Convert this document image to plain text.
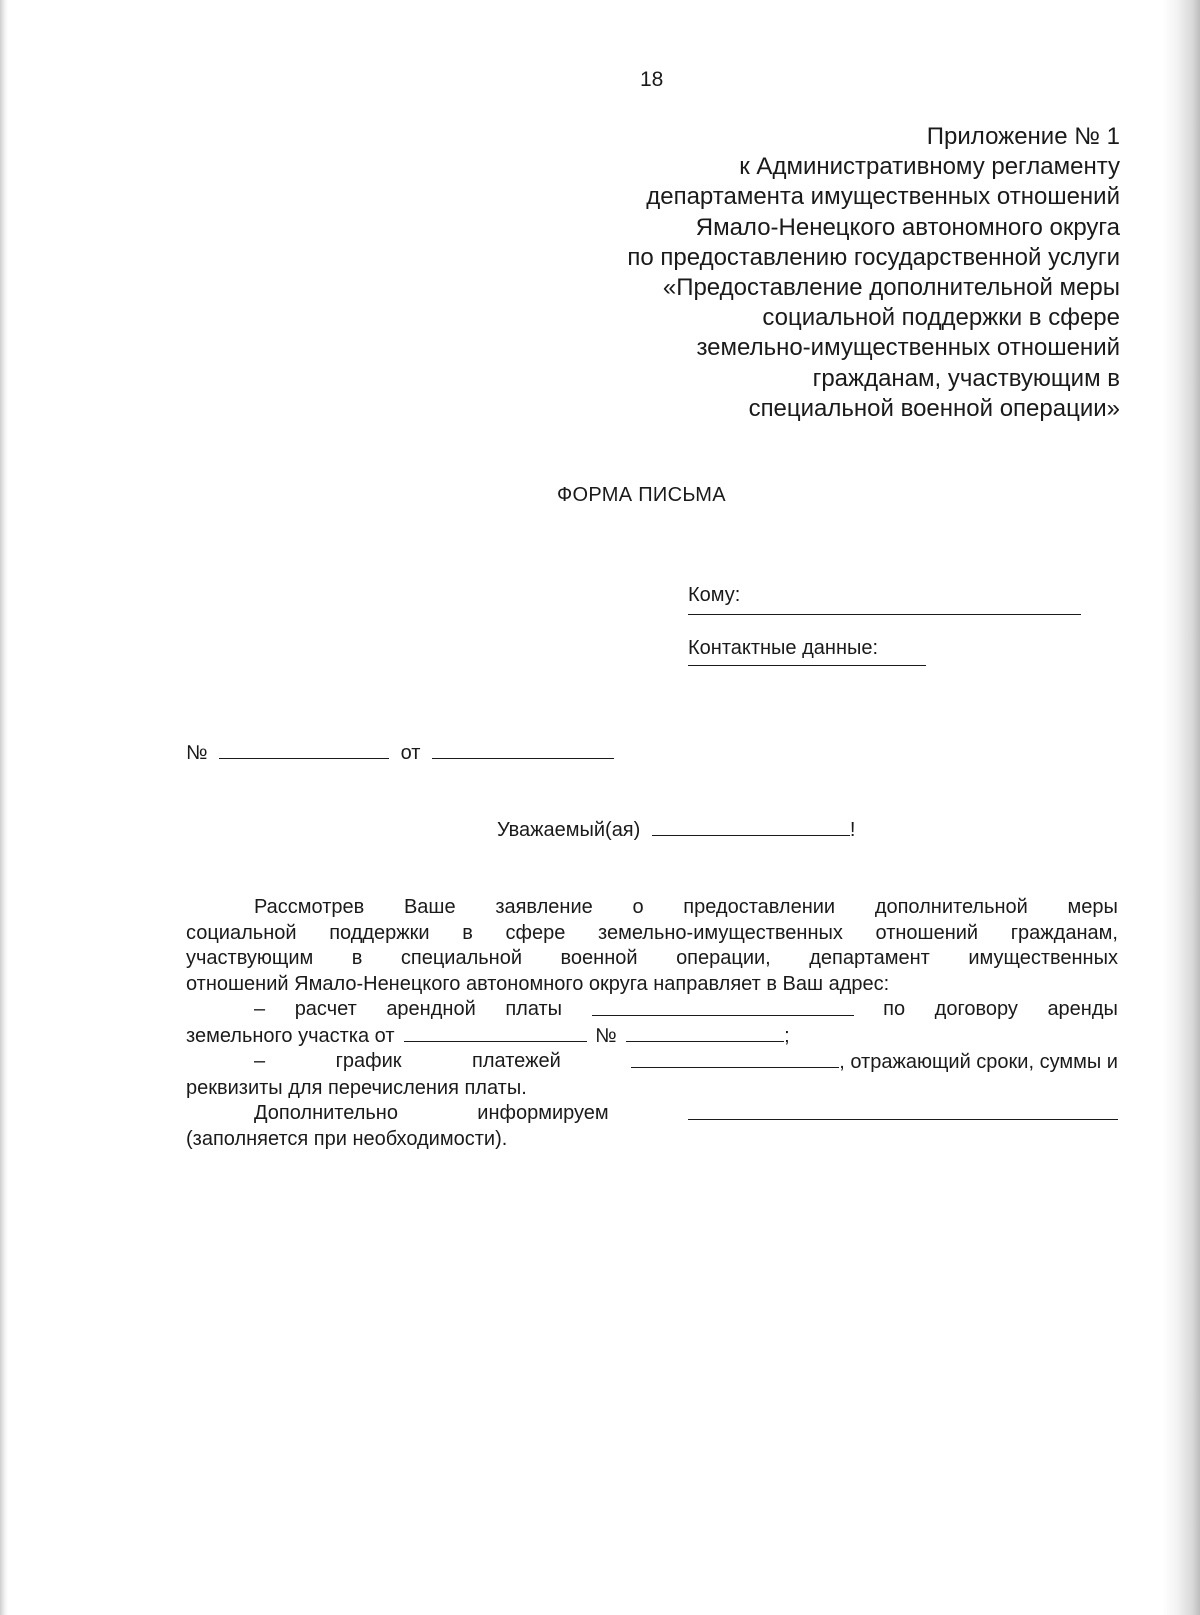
18
Приложение № 1
к Административному регламенту
департамента имущественных отношений
Ямало-Ненецкого автономного округа
по предоставлению государственной услуги
«Предоставление дополнительной меры
социальной поддержки в сфере
земельно-имущественных отношений
гражданам, участвующим в
специальной военной операции»
ФОРМА ПИСЬМА
Кому:
Контактные данные:
№	от
Уважаемый(ая)	!
Рассмотрев Ваше заявление о предоставлении дополнительной меры
социальной поддержки в сфере земельно-имущественных отношений гражданам,
участвующим в специальной военной операции, департамент имущественных
отношений Ямало-Ненецкого автономного округа направляет в Ваш адрес:
– расчет арендной платы	по договору аренды
земельного участка от	№	;
–	график	платежей	, отражающий сроки, суммы и
реквизиты для перечисления платы.
Дополнительно	информируем
(заполняется при необходимости).
